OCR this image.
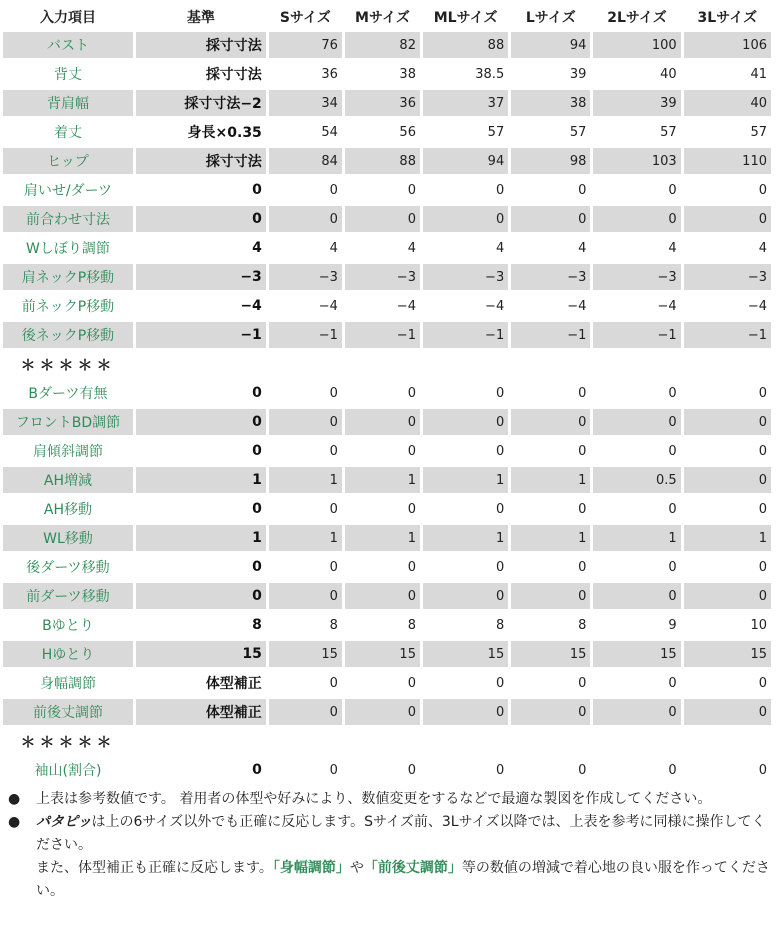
入力項目	基準	Sサイズ	Mサイズ	MLサイズ	Lサイズ	2Lサイズ	3Lサイズ
バスト	採寸寸法	76	82	88	94	100	106
背丈	採寸寸法	36	38	38.5	39	40	41
背肩幅	採寸寸法−2	34	36	37	38	39	40
着丈	身長×0.35	54	56	57	57	57	57
ヒップ	採寸寸法	84	88	94	98	103	110
肩いせ/ダーツ	0	0	0	0	0	0	0
前合わせ寸法	0	0	0	0	0	0	0
Wしぼり調節	4	4	4	4	4	4	4
肩ネックP移動	−3	−3	−3	−3	−3	−3	−3
前ネックP移動	−4	−4	−4	−4	−4	−4	−4
後ネックP移動	−1	−1	−1	−1	−1	−1	−1
＊＊＊＊＊							
Bダーツ有無	0	0	0	0	0	0	0
フロントBD調節	0	0	0	0	0	0	0
肩傾斜調節	0	0	0	0	0	0	0
AH増減	1	1	1	1	1	0.5	0
AH移動	0	0	0	0	0	0	0
WL移動	1	1	1	1	1	1	1
後ダーツ移動	0	0	0	0	0	0	0
前ダーツ移動	0	0	0	0	0	0	0
Bゆとり	8	8	8	8	8	9	10
Hゆとり	15	15	15	15	15	15	15
身幅調節	体型補正	0	0	0	0	0	0
前後丈調節	体型補正	0	0	0	0	0	0
＊＊＊＊＊							
袖山(割合)	0	0	0	0	0	0	0
● 上表は参考数値です。 着用者の体型や好みにより、数値変更をするなどで最適な製図を作成してください。
● パタピッは上の6サイズ以外でも正確に反応します。Sサイズ前、3Lサイズ以降では、上表を参考に同様に操作してください。
また、体型補正も正確に反応します。「身幅調節」や「前後丈調節」等の数値の増減で着心地の良い服を作ってください。
